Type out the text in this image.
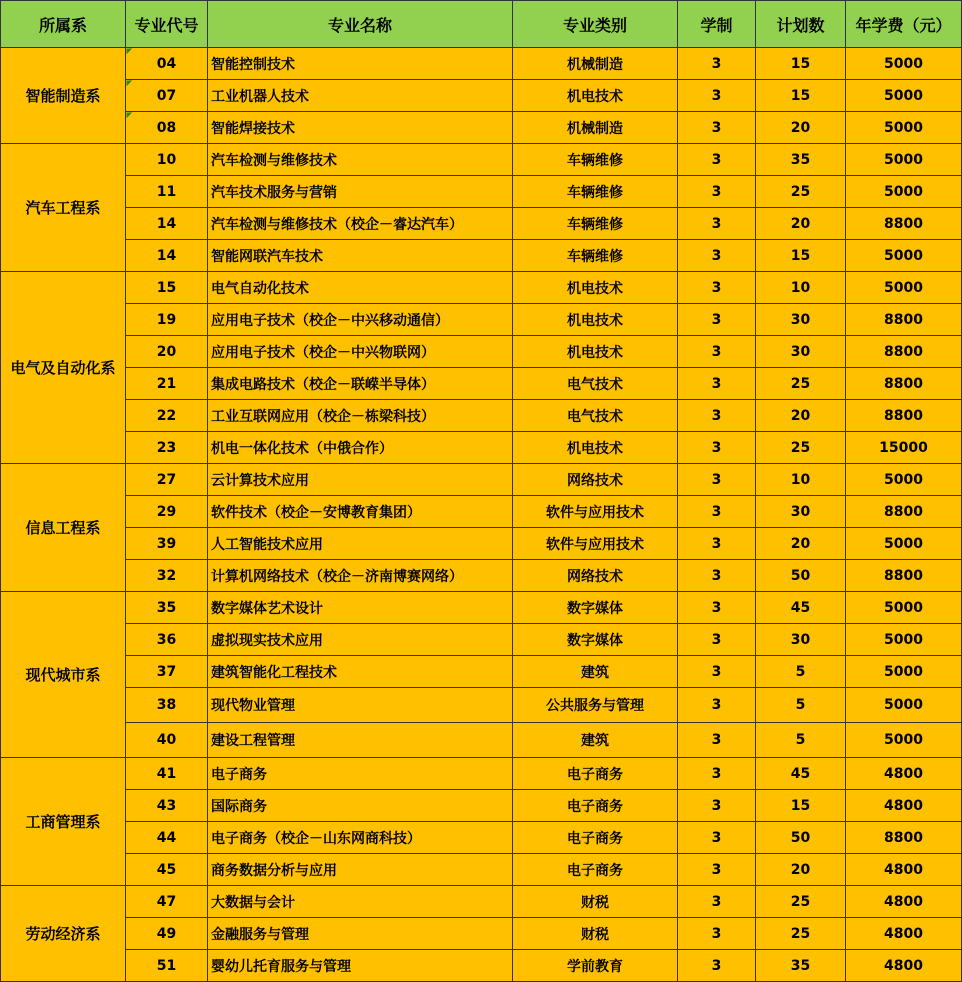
所属系	专业代号	专业名称	专业类别	学制	计划数	年学费（元）
智能制造系	04	智能控制技术	机械制造	3	15	5000
	07	工业机器人技术	机电技术	3	15	5000
	08	智能焊接技术	机械制造	3	20	5000
汽车工程系	10	汽车检测与维修技术	车辆维修	3	35	5000
	11	汽车技术服务与营销	车辆维修	3	25	5000
	14	汽车检测与维修技术（校企－睿达汽车）	车辆维修	3	20	8800
	14	智能网联汽车技术	车辆维修	3	15	5000
电气及自动化系	15	电气自动化技术	机电技术	3	10	5000
	19	应用电子技术（校企－中兴移动通信）	机电技术	3	30	8800
	20	应用电子技术（校企－中兴物联网）	机电技术	3	30	8800
	21	集成电路技术（校企－联嵘半导体）	电气技术	3	25	8800
	22	工业互联网应用（校企－栋梁科技）	电气技术	3	20	8800
	23	机电一体化技术（中俄合作）	机电技术	3	25	15000
信息工程系	27	云计算技术应用	网络技术	3	10	5000
	29	软件技术（校企－安博教育集团）	软件与应用技术	3	30	8800
	39	人工智能技术应用	软件与应用技术	3	20	5000
	32	计算机网络技术（校企－济南博赛网络）	网络技术	3	50	8800
现代城市系	35	数字媒体艺术设计	数字媒体	3	45	5000
	36	虚拟现实技术应用	数字媒体	3	30	5000
	37	建筑智能化工程技术	建筑	3	5	5000
	38	现代物业管理	公共服务与管理	3	5	5000
	40	建设工程管理	建筑	3	5	5000
工商管理系	41	电子商务	电子商务	3	45	4800
	43	国际商务	电子商务	3	15	4800
	44	电子商务（校企－山东网商科技）	电子商务	3	50	8800
	45	商务数据分析与应用	电子商务	3	20	4800
劳动经济系	47	大数据与会计	财税	3	25	4800
	49	金融服务与管理	财税	3	25	4800
	51	婴幼儿托育服务与管理	学前教育	3	35	4800
